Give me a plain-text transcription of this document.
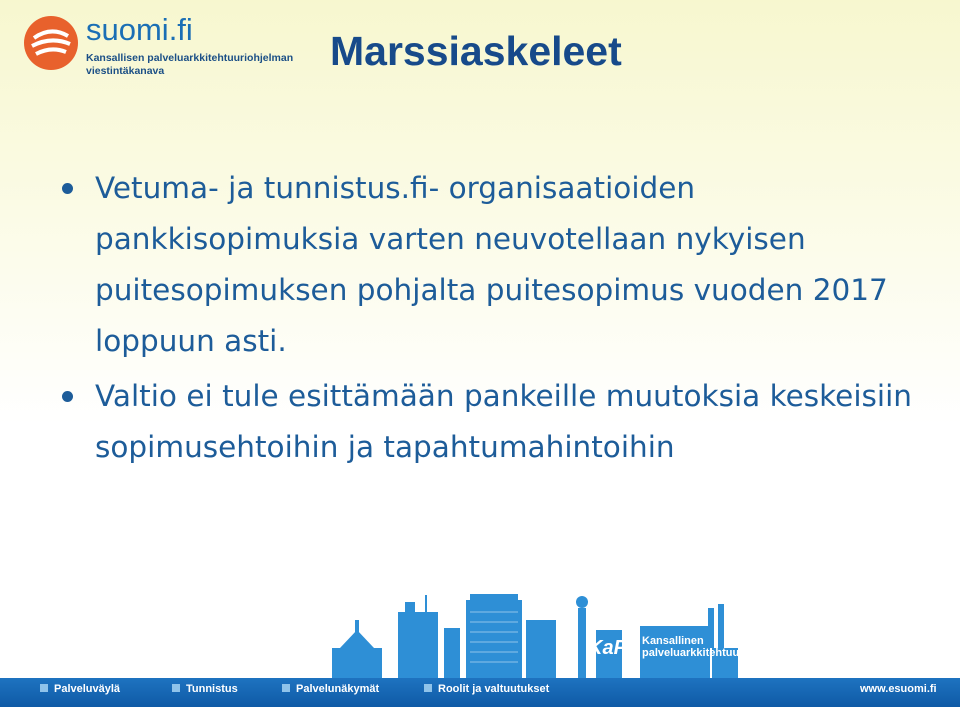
suomi.fi
Kansallisen palveluarkkitehtuuriohjelman viestintäkanava	Marssiaskeleet
Vetuma- ja tunnistus.fi- organisaatioiden pankkisopimuksia varten neuvotellaan nykyisen puitesopimuksen pohjalta puitesopimus vuoden 2017 loppuun asti.
Valtio ei tule esittämään pankeille muutoksia keskeisiin sopimusehtoihin ja tapahtumahintoihin
KaPA Kansallinen palveluarkkitehtuuri
Palveluväylä	Tunnistus	Palvelunäkymät	Roolit ja valtuutukset	www.esuomi.fi
